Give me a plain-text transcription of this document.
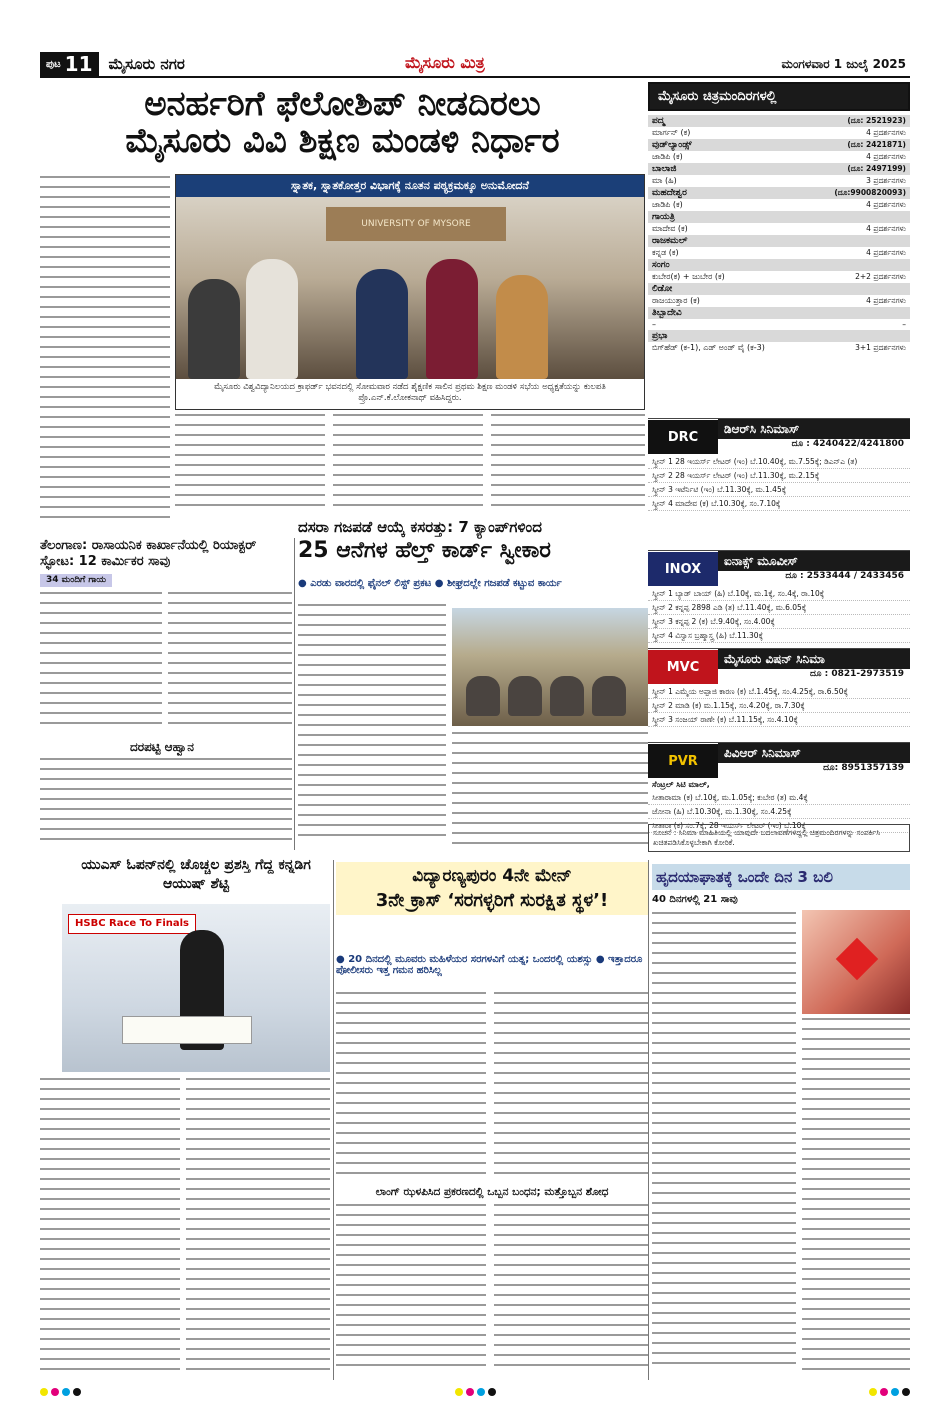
ಪುಟ 11 ಮೈಸೂರು ನಗರ	ಮೈಸೂರು ಮಿತ್ರ	ಮಂಗಳವಾರ 1 ಜುಲೈ 2025
ಅನರ್ಹರಿಗೆ ಫೆಲೋಶಿಪ್ ನೀಡದಿರಲು
ಮೈಸೂರು ವಿವಿ ಶಿಕ್ಷಣ ಮಂಡಳಿ ನಿರ್ಧಾರ
ಸ್ನಾತಕ, ಸ್ನಾತಕೋತ್ತರ ವಿಭಾಗಕ್ಕೆ ನೂತನ ಪಠ್ಯಕ್ರಮಕ್ಕೂ ಅನುಮೋದನೆ
UNIVERSITY OF MYSORE
ಮೈಸೂರು ವಿಶ್ವವಿದ್ಯಾನಿಲಯದ ಕ್ರಾಫರ್ಡ್ ಭವನದಲ್ಲಿ ಸೋಮವಾರ ನಡೆದ ಶೈಕ್ಷಣಿಕ ಸಾಲಿನ ಪ್ರಥಮ ಶಿಕ್ಷಣ ಮಂಡಳಿ ಸಭೆಯ ಅಧ್ಯಕ್ಷತೆಯನ್ನು ಕುಲಪತಿ ಪ್ರೊ.ಎನ್.ಕೆ.ಲೋಕನಾಥ್ ವಹಿಸಿದ್ದರು.
ಮೈಸೂರು ಚಿತ್ರಮಂದಿರಗಳಲ್ಲಿ
ಪದ್ಮ	(ದೂ: 2521923)
ಮಾರ್ಗನ್ (ಕ)	4 ಪ್ರದರ್ಶನಗಳು
ವುಡ್‌ಲ್ಯಾಂಡ್ಸ್	(ದೂ: 2421871)
ಜಾಡಿಪಿ (ಕ)	4 ಪ್ರದರ್ಶನಗಳು
ಬಾಲಾಜಿ	(ದೂ: 2497199)
ಮಾ (ಹಿ)	3 ಪ್ರದರ್ಶನಗಳು
ಮಹದೇಶ್ವರ	(ದೂ:9900820093)
ಜಾಡಿಪಿ (ಕ)	4 ಪ್ರದರ್ಶನಗಳು
ಗಾಯತ್ರಿ
ಮಾದೇವ (ಕ)	4 ಪ್ರದರ್ಶನಗಳು
ರಾಜಕಮಲ್
ಕನ್ನಡ (ಕ)	4 ಪ್ರದರ್ಶನಗಳು
ಸಂಗಂ
ಕುಬೇರ(ಕ) + ಜುಬೇರ (ಕ)	2+2 ಪ್ರದರ್ಶನಗಳು
ಲಿಡೋ
ರಾಜಯುತ್ತಾರ (ಕ)	4 ಪ್ರದರ್ಶನಗಳು
ತಿಬ್ಬಾದೇವಿ
–	–
ಪ್ರಭಾ
ಬಿಗ್‌ಹೆಡ್ (ಕ-1), ಎಡ್ ಅಂಡ್ ವೈ (ಕ-3)	3+1 ಪ್ರದರ್ಶನಗಳು
DRC
ಡಿಆರ್‌ಸಿ ಸಿನಿಮಾಸ್
ದೂ : 4240422/4241800
ಸ್ಕ್ರೀನ್ 1 28 ಇಯರ್ಸ್ ಲೇಟರ್ (ಇಂ) ಬೆ.10.40ಕ್ಕೆ, ಮ.7.55ಕ್ಕೆ; ಡಿಎನ್‌ಎ (ತ)
ಸ್ಕ್ರೀನ್ 2 28 ಇಯರ್ಸ್ ಲೇಟರ್ (ಇಂ) ಬೆ.11.30ಕ್ಕೆ, ಮ.2.15ಕ್ಕೆ
ಸ್ಕ್ರೀನ್ 3 ಇಟೆರ್ನಿಟಿ (ಇಂ) ಬೆ.11.30ಕ್ಕೆ, ಮ.1.45ಕ್ಕೆ
ಸ್ಕ್ರೀನ್ 4 ಮಾದೇವ (ಕ) ಬೆ.10.30ಕ್ಕೆ, ಸಂ.7.10ಕ್ಕೆ
INOX
ಐನಾಕ್ಸ್ ಮೂವೀಸ್
ದೂ : 2533444 / 2433456
ಸ್ಕ್ರೀನ್ 1 ಬ್ಯಾಡ್ ಬಾಯ್ (ಹಿ) ಬೆ.10ಕ್ಕೆ, ಮ.1ಕ್ಕೆ, ಸಂ.4ಕ್ಕೆ, ರಾ.10ಕ್ಕೆ
ಸ್ಕ್ರೀನ್ 2 ಕನ್ನಪ್ಪ 2898 ಎಡಿ (ತ) ಬೆ.11.40ಕ್ಕೆ, ಮ.6.05ಕ್ಕೆ
ಸ್ಕ್ರೀನ್ 3 ಕನ್ನಪ್ಪ 2 (ಕ) ಬೆ.9.40ಕ್ಕೆ, ಸಂ.4.00ಕ್ಕೆ
ಸ್ಕ್ರೀನ್ 4 ವಿಸ್ವಾಸ ಬ್ರಹ್ಮಾಸ್ತ್ರ (ಹಿ) ಬೆ.11.30ಕ್ಕೆ
MVC
ಮೈಸೂರು ವಿಷನ್ ಸಿನಿಮಾ
ದೂ : 0821-2973519
ಸ್ಕ್ರೀನ್ 1 ಎಮ್ಮೆಯ ಅಪ್ಪಾಜಿ ಕಾರಣ (ಕ) ಬೆ.1.45ಕ್ಕೆ, ಸಂ.4.25ಕ್ಕೆ, ರಾ.6.50ಕ್ಕೆ
ಸ್ಕ್ರೀನ್ 2 ಮಾಡಿ (ಕ) ಮ.1.15ಕ್ಕೆ, ಸಂ.4.20ಕ್ಕೆ, ರಾ.7.30ಕ್ಕೆ
ಸ್ಕ್ರೀನ್ 3 ಸಂಜಯ್ ರಾಣೇ (ಕ) ಬೆ.11.15ಕ್ಕೆ, ಸಂ.4.10ಕ್ಕೆ
PVR
ಪಿವಿಆರ್ ಸಿನಿಮಾಸ್
ದೂ: 8951357139
ಸೆಂಟ್ರಲ್ ಸಿಟಿ ಮಾಲ್,
ಸೀತಾರಾಮಾ (ಕ) ಬೆ.10ಕ್ಕೆ, ಮ.1.05ಕ್ಕೆ; ಕುಬೇರ (ತ) ಮ.4ಕ್ಕೆ
ಜೋನಾ (ಹಿ) ಬೆ.10.30ಕ್ಕೆ, ಮ.1.30ಕ್ಕೆ, ಸಂ.4.25ಕ್ಕೆ
ಸೀತಾರಾ (ಕ) ಸಂ.7ಕ್ಕೆ; 28 ಇಯರ್ಸ್ ಲೇಟರ್ (ಇಂ) ಬೆ.10ಕ್ಕೆ
ಸೂಚನೆ : ಸಿನಿಮಾ ಮಾಹಿತಿಯಲ್ಲಿ ಯಾವುದೇ ಬದಲಾವಣೆಗಳಿದ್ದಲ್ಲಿ ಚಿತ್ರಮಂದಿರಗಳನ್ನು ಸಂಪರ್ಕಿಸಿ ಖಚಿತಪಡಿಸಿಕೊಳ್ಳಬೇಕಾಗಿ ಕೋರಿಕೆ.
ತೆಲಂಗಾಣ: ರಾಸಾಯನಿಕ ಕಾರ್ಖಾನೆಯಲ್ಲಿ ರಿಯಾಕ್ಟರ್ ಸ್ಫೋಟ: 12 ಕಾರ್ಮಿಕರ ಸಾವು
34 ಮಂದಿಗೆ ಗಾಯ
ದರಪಟ್ಟಿ ಆಹ್ವಾನ
ದಸರಾ ಗಜಪಡೆ ಆಯ್ಕೆ ಕಸರತ್ತು: 7 ಕ್ಯಾಂಪ್‌ಗಳಿಂದ
25 ಆನೆಗಳ ಹೆಲ್ತ್ ಕಾರ್ಡ್ ಸ್ವೀಕಾರ
● ಎರಡು ವಾರದಲ್ಲಿ ಫೈನಲ್ ಲಿಸ್ಟ್ ಪ್ರಕಟ ● ಶೀಘ್ರದಲ್ಲೇ ಗಜಪಡೆ ಕಟ್ಟುವ ಕಾರ್ಯ
ಯುಎಸ್ ಓಪನ್‌ನಲ್ಲಿ ಚೊಚ್ಚಲ ಪ್ರಶಸ್ತಿ ಗೆದ್ದ ಕನ್ನಡಿಗ ಆಯುಷ್ ಶೆಟ್ಟಿ
HSBC Race To Finals
ವಿದ್ಯಾರಣ್ಯಪುರಂ 4ನೇ ಮೇನ್
3ನೇ ಕ್ರಾಸ್ ‘ಸರಗಳ್ಳರಿಗೆ ಸುರಕ್ಷಿತ ಸ್ಥಳ’!
● 20 ದಿನದಲ್ಲಿ ಮೂವರು ಮಹಿಳೆಯರ ಸರಗಳವಿಗೆ ಯತ್ನ; ಒಂದರಲ್ಲಿ ಯಶಸ್ಸು ● ಇತ್ತಾದರೂ ಪೋಲೀಸರು ಇತ್ತ ಗಮನ ಹರಿಸಿಲ್ಲ
ಲಾಂಗ್ ಝಳಪಿಸಿದ ಪ್ರಕರಣದಲ್ಲಿ ಒಬ್ಬನ ಬಂಧನ; ಮತ್ತೊಬ್ಬನ ಶೋಧ
ಹೃದಯಾಘಾತಕ್ಕೆ ಒಂದೇ ದಿನ 3 ಬಲಿ
40 ದಿನಗಳಲ್ಲಿ 21 ಸಾವು
